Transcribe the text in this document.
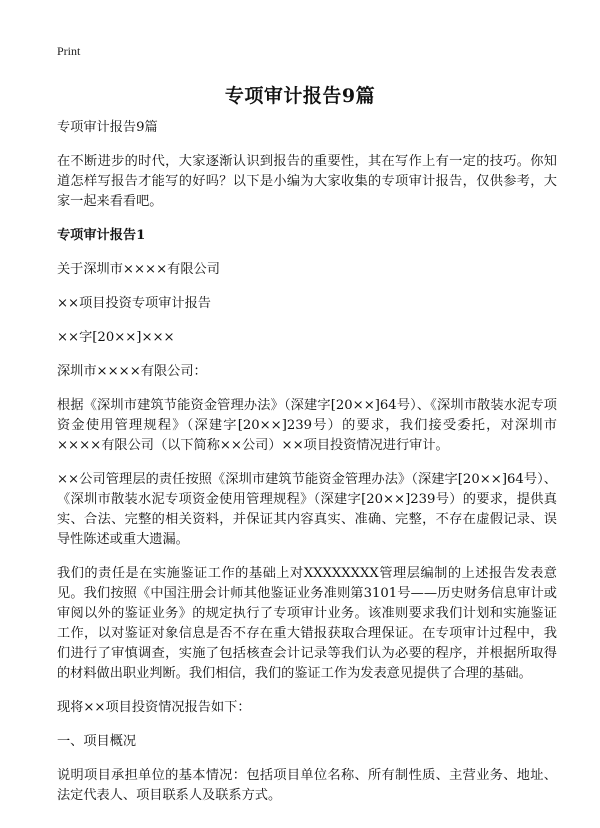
Print
专项审计报告9篇

专项审计报告9篇

在不断进步的时代，大家逐渐认识到报告的重要性，其在写作上有一定的技巧。你知道怎样写报告才能写的好吗？以下是小编为大家收集的专项审计报告，仅供参考，大家一起来看看吧。

专项审计报告1

关于深圳市××××有限公司

××项目投资专项审计报告

××字[20××]×××

深圳市××××有限公司：

根据《深圳市建筑节能资金管理办法》（深建字[20××]64号）、《深圳市散装水泥专项资金使用管理规程》（深建字[20××]239号）的要求，我们接受委托，对深圳市××××有限公司（以下简称××公司）××项目投资情况进行审计。

××公司管理层的责任按照《深圳市建筑节能资金管理办法》（深建字[20××]64号）、《深圳市散装水泥专项资金使用管理规程》（深建字[20××]239号）的要求，提供真实、合法、完整的相关资料，并保证其内容真实、准确、完整，不存在虚假记录、误导性陈述或重大遗漏。

我们的责任是在实施鉴证工作的基础上对XXXXXXXX管理层编制的上述报告发表意见。我们按照《中国注册会计师其他鉴证业务准则第3101号——历史财务信息审计或审阅以外的鉴证业务》的规定执行了专项审计业务。该准则要求我们计划和实施鉴证工作，以对鉴证对象信息是否不存在重大错报获取合理保证。在专项审计过程中，我们进行了审慎调查，实施了包括核查会计记录等我们认为必要的程序，并根据所取得的材料做出职业判断。我们相信，我们的鉴证工作为发表意见提供了合理的基础。

现将××项目投资情况报告如下：

一、项目概况

说明项目承担单位的基本情况：包括项目单位名称、所有制性质、主营业务、地址、法定代表人、项目联系人及联系方式。
